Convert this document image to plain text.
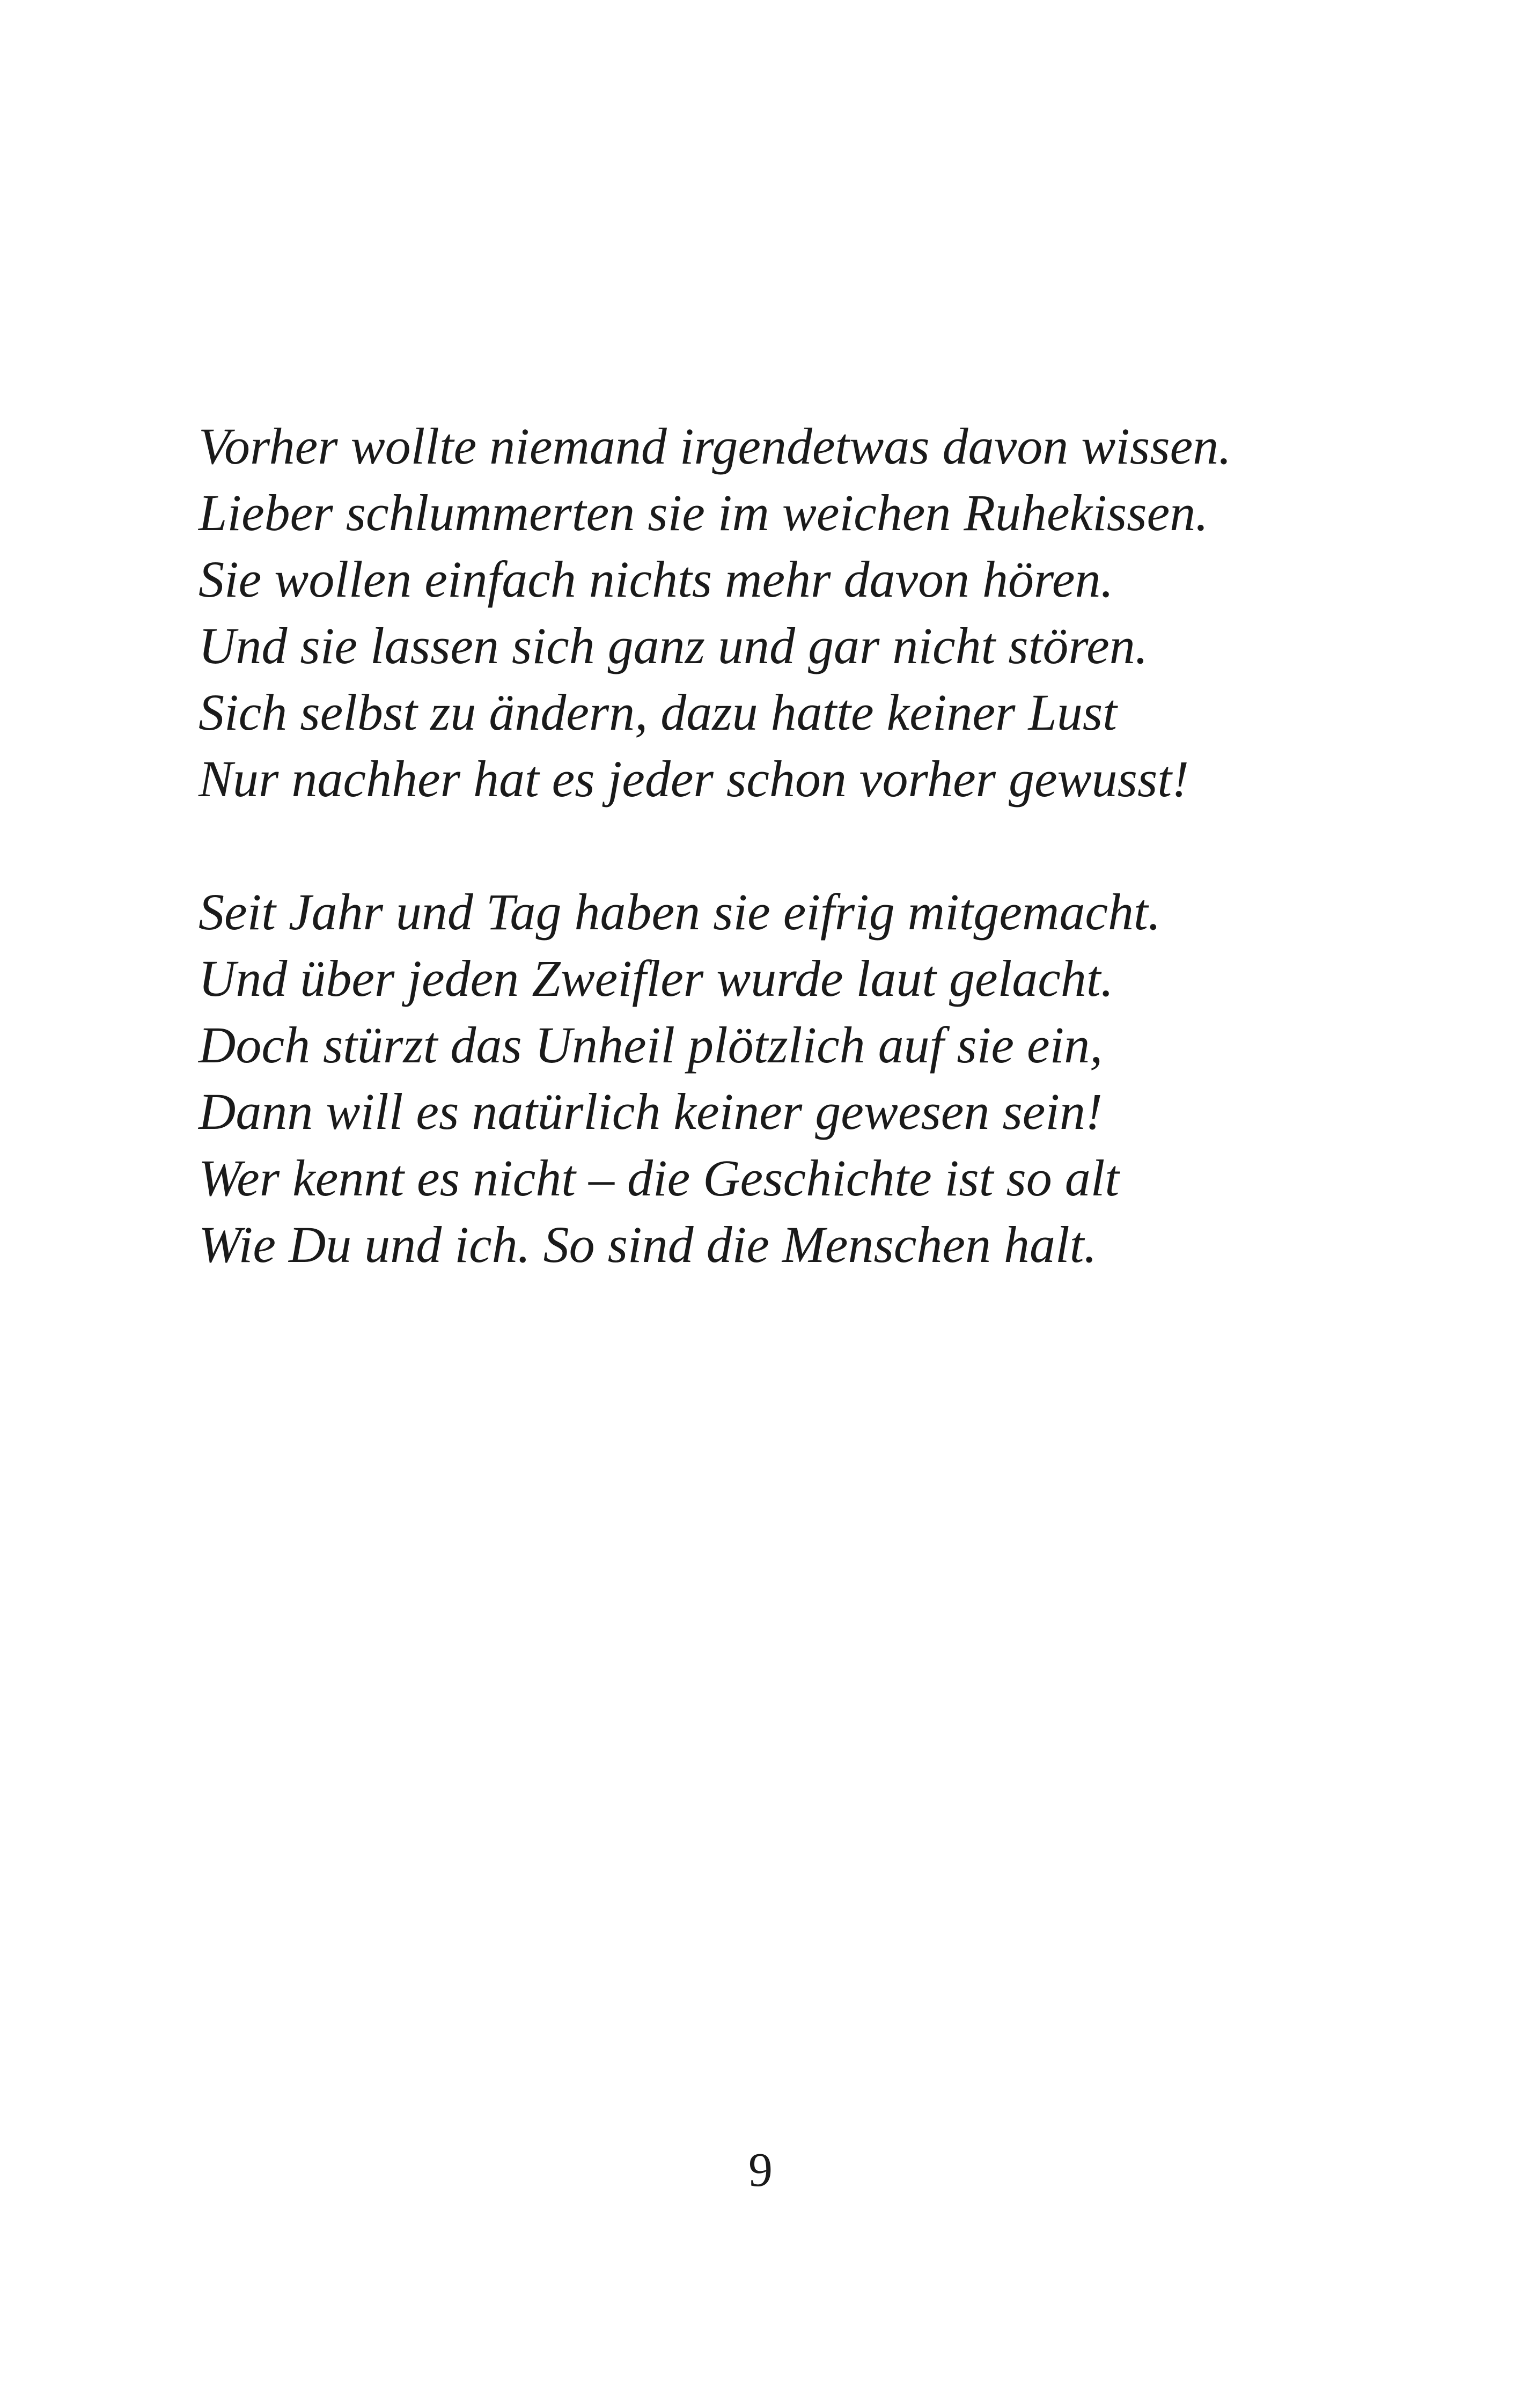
Vorher wollte niemand irgendetwas davon wissen.
Lieber schlummerten sie im weichen Ruhekissen.
Sie wollen einfach nichts mehr davon hören.
Und sie lassen sich ganz und gar nicht stören.
Sich selbst zu ändern, dazu hatte keiner Lust
Nur nachher hat es jeder schon vorher gewusst!
Seit Jahr und Tag haben sie eifrig mitgemacht.
Und über jeden Zweifler wurde laut gelacht.
Doch stürzt das Unheil plötzlich auf sie ein,
Dann will es natürlich keiner gewesen sein!
Wer kennt es nicht – die Geschichte ist so alt
Wie Du und ich. So sind die Menschen halt.
9
